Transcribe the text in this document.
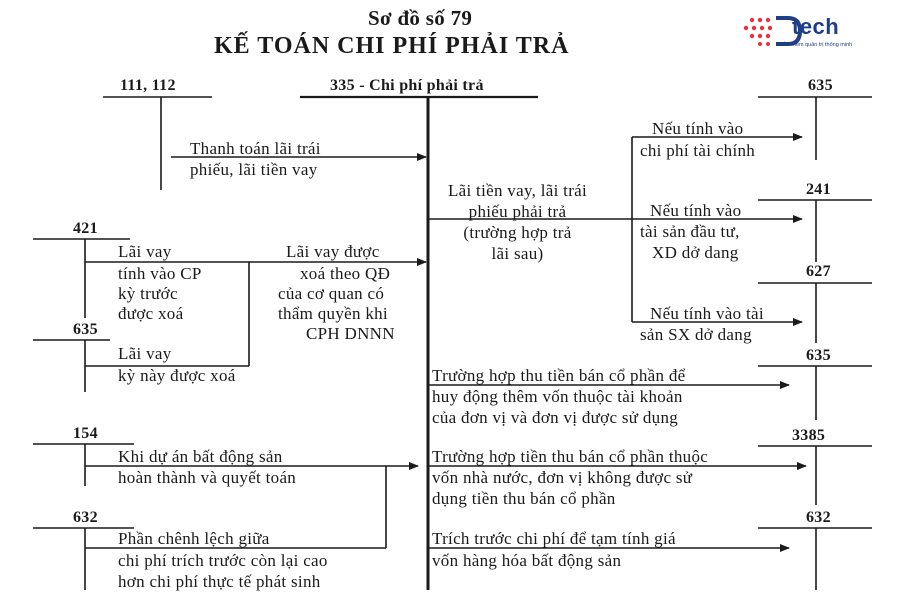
tech
Phần mềm quản trị thông minh
Sơ đồ số 79
KẾ TOÁN CHI PHÍ PHẢI TRẢ
111, 112	335 - Chi phí phải trả	635
241
627
421
635
635
154	3385
632	632
Thanh toán lãi trái
phiếu, lãi tiền vay
Lãi tiền vay, lãi trái
phiếu phải trả
(trường hợp trả
lãi sau)
Nếu tính vào
chi phí tài chính
Nếu tính vào
tài sản đầu tư,
XD dở dang
Nếu tính vào tài
sản SX dở dang
Lãi vay
tính vào CP
kỳ trước
được xoá
Lãi vay được
xoá theo QĐ
của cơ quan có
thẩm quyền khi
CPH DNNN
Lãi vay
kỳ này được xoá	Trường hợp thu tiền bán cổ phần để
huy động thêm vốn thuộc tài khoản
của đơn vị và đơn vị được sử dụng
Khi dự án bất động sản
hoàn thành và quyết toán
Trường hợp tiền thu bán cổ phần thuộc
vốn nhà nước, đơn vị không được sử
dụng tiền thu bán cổ phần
Phần chênh lệch giữa
chi phí trích trước còn lại cao
hơn chi phí thực tế phát sinh
Trích trước chi phí để tạm tính giá
vốn hàng hóa bất động sản
